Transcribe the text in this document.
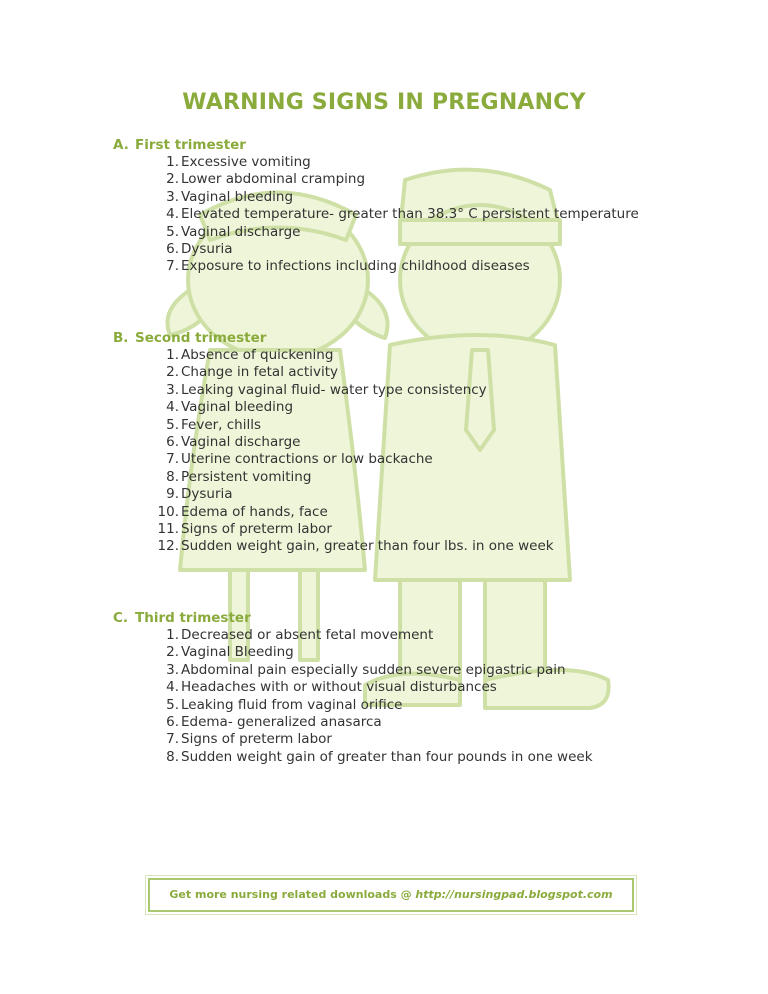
WARNING SIGNS IN PREGNANCY
A. First trimester
1. Excessive vomiting
2. Lower abdominal cramping
3. Vaginal bleeding
4. Elevated temperature- greater than 38.3° C persistent temperature
5. Vaginal discharge
6. Dysuria
7. Exposure to infections including childhood diseases
B. Second trimester
1. Absence of quickening
2. Change in fetal activity
3. Leaking vaginal fluid- water type consistency
4. Vaginal bleeding
5. Fever, chills
6. Vaginal discharge
7. Uterine contractions or low backache
8. Persistent vomiting
9. Dysuria
10. Edema of hands, face
11. Signs of preterm labor
12. Sudden weight gain, greater than four lbs. in one week
C. Third trimester
1. Decreased or absent fetal movement
2. Vaginal Bleeding
3. Abdominal pain especially sudden severe epigastric pain
4. Headaches with or without visual disturbances
5. Leaking fluid from vaginal orifice
6. Edema- generalized anasarca
7. Signs of preterm labor
8. Sudden weight gain of greater than four pounds in one week
Get more nursing related downloads @ http://nursingpad.blogspot.com
